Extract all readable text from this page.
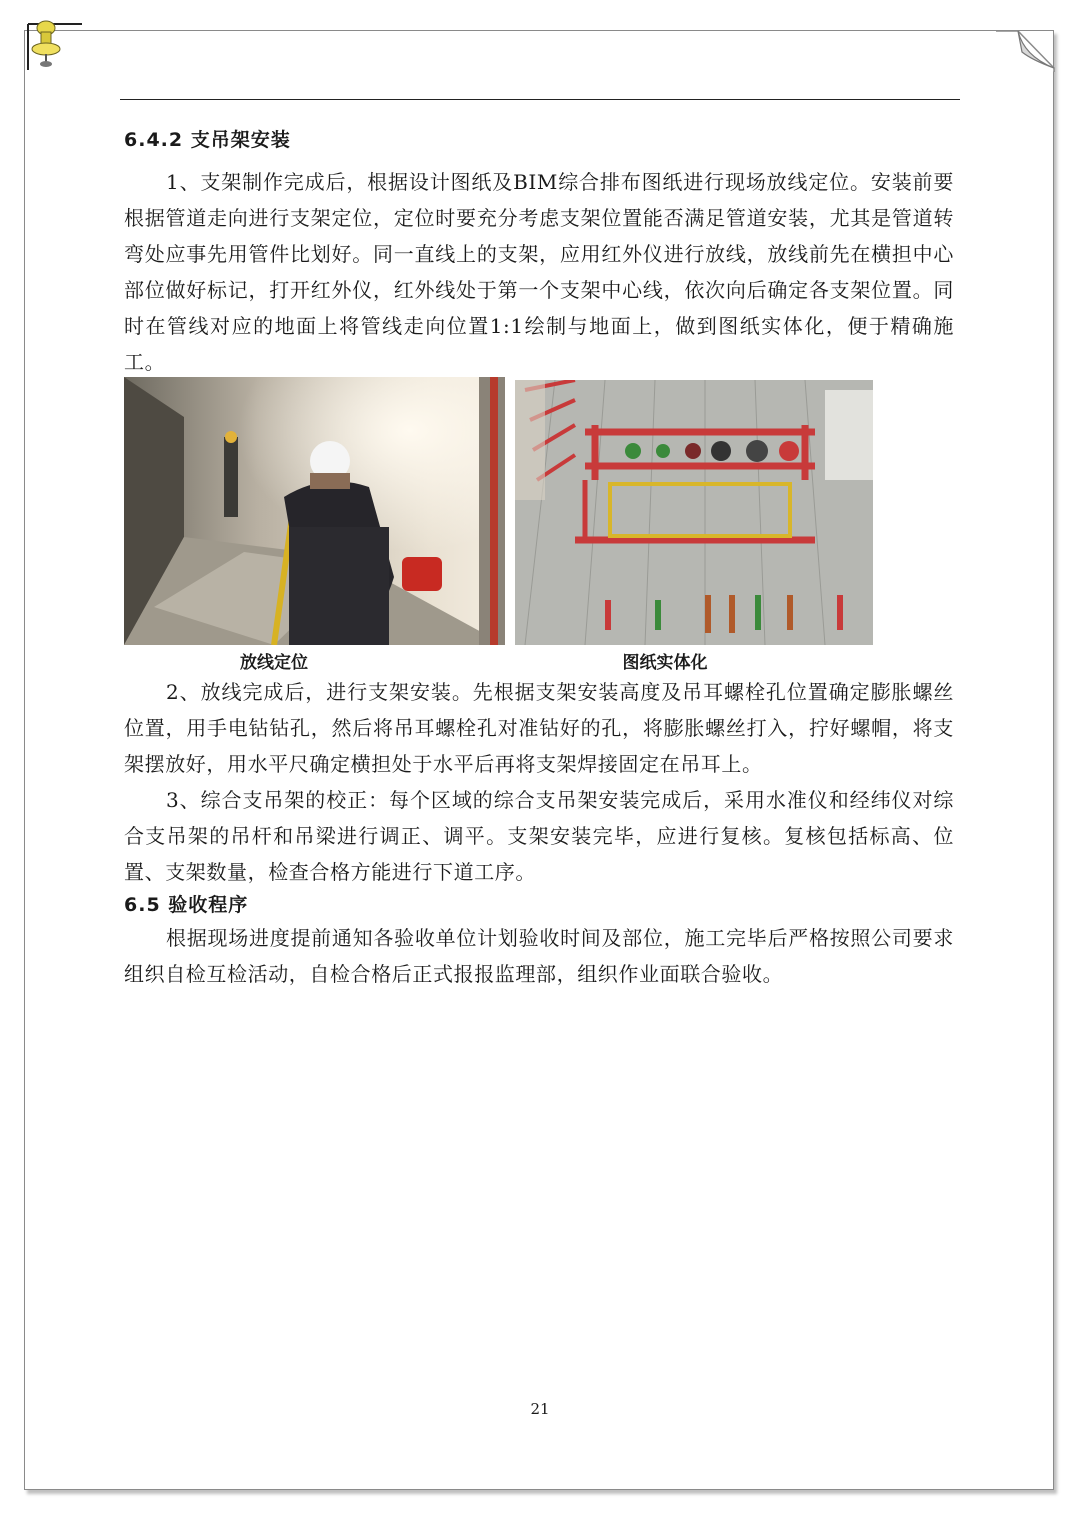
6.4.2 支吊架安装

1、支架制作完成后，根据设计图纸及BIM综合排布图纸进行现场放线定位。安装前要根据管道走向进行支架定位，定位时要充分考虑支架位置能否满足管道安装，尤其是管道转弯处应事先用管件比划好。同一直线上的支架，应用红外仪进行放线，放线前先在横担中心部位做好标记，打开红外仪，红外线处于第一个支架中心线，依次向后确定各支架位置。同时在管线对应的地面上将管线走向位置1:1绘制与地面上，做到图纸实体化，便于精确施工。

放线定位	图纸实体化

2、放线完成后，进行支架安装。先根据支架安装高度及吊耳螺栓孔位置确定膨胀螺丝位置，用手电钻钻孔，然后将吊耳螺栓孔对准钻好的孔，将膨胀螺丝打入，拧好螺帽，将支架摆放好，用水平尺确定横担处于水平后再将支架焊接固定在吊耳上。

3、综合支吊架的校正：每个区域的综合支吊架安装完成后，采用水准仪和经纬仪对综合支吊架的吊杆和吊梁进行调正、调平。支架安装完毕，应进行复核。复核包括标高、位置、支架数量，检查合格方能进行下道工序。

6.5 验收程序

根据现场进度提前通知各验收单位计划验收时间及部位，施工完毕后严格按照公司要求组织自检互检活动，自检合格后正式报报监理部，组织作业面联合验收。

21
